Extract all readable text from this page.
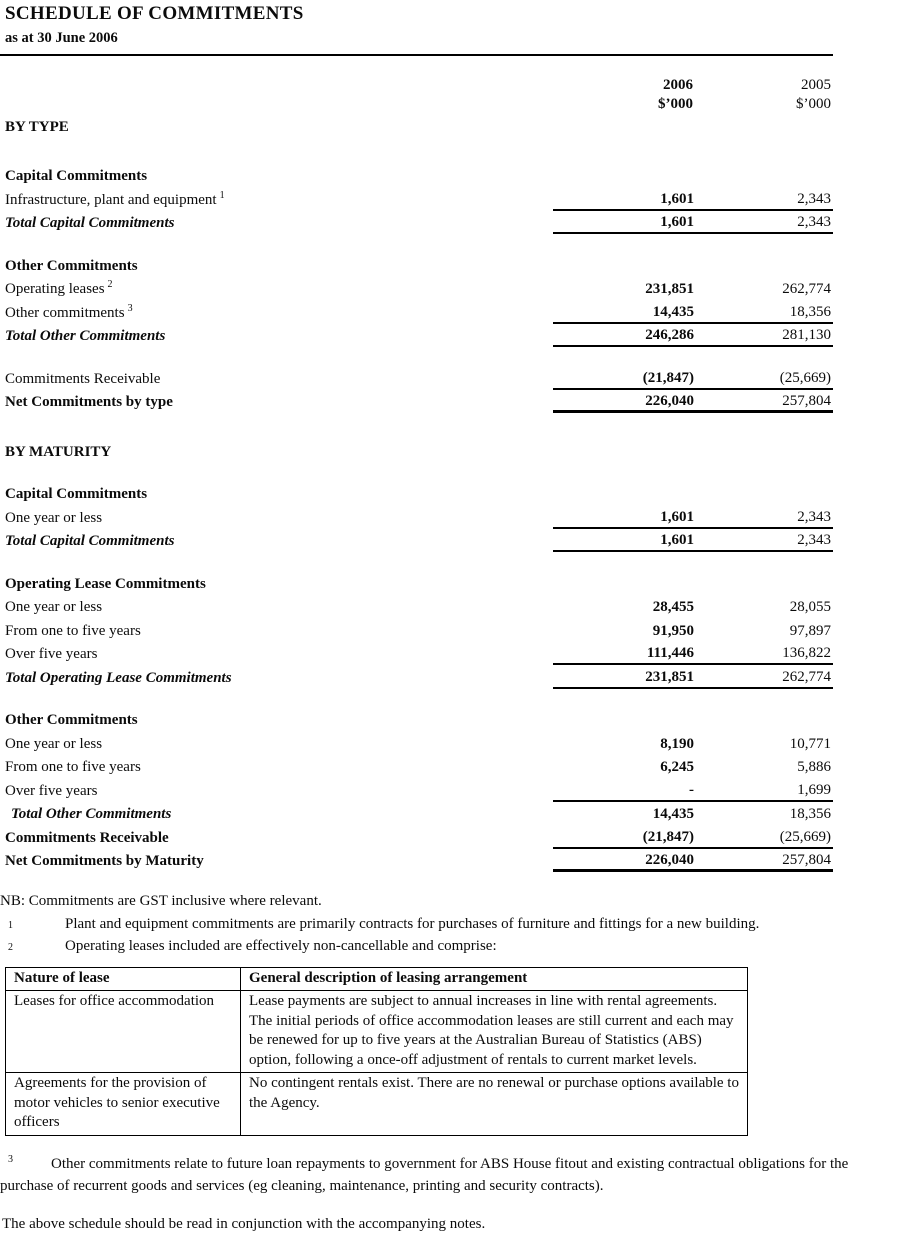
SCHEDULE OF COMMITMENTS
as at 30 June 2006
2006
$’000
2005
$’000
BY TYPE
Capital Commitments
Infrastructure, plant and equipment $^1$	1,601	2,343
Total Capital Commitments	1,601	2,343
Other Commitments
Operating leases $^2$	231,851	262,774
Other commitments $^3$	14,435	18,356
Total Other Commitments	246,286	281,130
Commitments Receivable	(21,847)	(25,669)
Net Commitments by type	226,040	257,804
BY MATURITY
Capital Commitments
One year or less	1,601	2,343
Total Capital Commitments	1,601	2,343
Operating Lease Commitments
One year or less	28,455	28,055
From one to five years	91,950	97,897
Over five years	111,446	136,822
Total Operating Lease Commitments	231,851	262,774
Other Commitments
One year or less	8,190	10,771
From one to five years	6,245	5,886
Over five years	-	1,699
Total Other Commitments	14,435	18,356
Commitments Receivable	(21,847)	(25,669)
Net Commitments by Maturity	226,040	257,804

NB: Commitments are GST inclusive where relevant.

1	Plant and equipment commitments are primarily contracts for purchases of furniture and fittings for a new building.
2	Operating leases included are effectively non-cancellable and comprise:
Nature of lease	General description of leasing arrangement
Leases for office accommodation	Lease payments are subject to annual increases in line with rental agreements. The initial periods of office accommodation leases are still current and each may be renewed for up to five years at the Australian Bureau of Statistics (ABS) option, following a once-off adjustment of rentals to current market levels.
Agreements for the provision of motor vehicles to senior executive officers	No contingent rentals exist. There are no renewal or purchase options available to the Agency.

$^3$	Other commitments relate to future loan repayments to government for ABS House fitout and existing contractual obligations for the purchase of recurrent goods and services (eg cleaning, maintenance, printing and security contracts).

The above schedule should be read in conjunction with the accompanying notes.
